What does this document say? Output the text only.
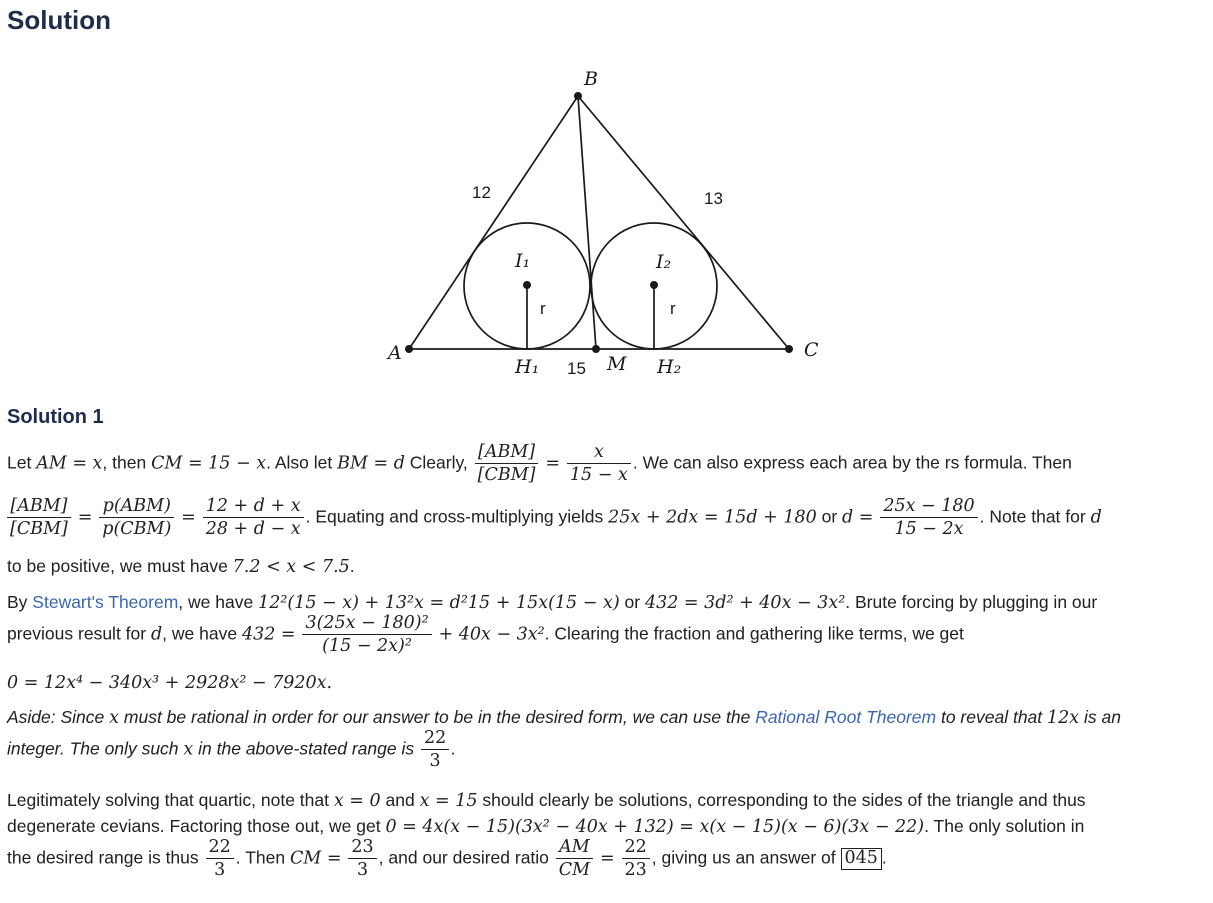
Solution
B
A	C
M
I₁	I₂
H₁	H₂
r	r
12	13
15
Solution 1
Let AM = x, then CM = 15 − x. Also let BM = d Clearly, $\frac{\text{[ABM]}}{\text{[CBM]}} = \frac{x}{15 - x}$ . We can also express each area by the rs formula. Then
$\frac{\text{[ABM]}}{\text{[CBM]}} = \frac{\text{p(ABM)}}{\text{p(CBM)}} = \frac{12 + d + x}{28 + d - x}$ . Equating and cross-multiplying yields 25x + 2dx = 15d + 180 or $d = \frac{25x - 180}{15 - 2x}$ . Note that for d
to be positive, we must have 7.2 < x < 7.5.
By Stewart's Theorem, we have 12²(15 − x) + 13²x = d²15 + 15x(15 − x) or 432 = 3d² + 40x − 3x². Brute forcing by plugging in our
previous result for d, we have $432 = \frac{\text{3(25x − 180)²}}{\text{(15 − 2x)²}} + 40x - 3x^2$. Clearing the fraction and gathering like terms, we get
0 = 12x⁴ − 340x³ + 2928x² − 7920x.
Aside: Since x must be rational in order for our answer to be in the desired form, we can use the Rational Root Theorem to reveal that 12x is an
integer. The only such x in the above-stated range is $\frac{22}{3}$ .
Legitimately solving that quartic, note that x = 0 and x = 15 should clearly be solutions, corresponding to the sides of the triangle and thus
degenerate cevians. Factoring those out, we get 0 = 4x(x − 15)(3x² − 40x + 132) = x(x − 15)(x − 6)(3x − 22). The only solution in
the desired range is thus $\frac{22}{3}$ . Then CM = $\frac{23}{3}$ , and our desired ratio $\frac{AM}{CM} = \frac{22}{23}$ , giving us an answer of 045 .
